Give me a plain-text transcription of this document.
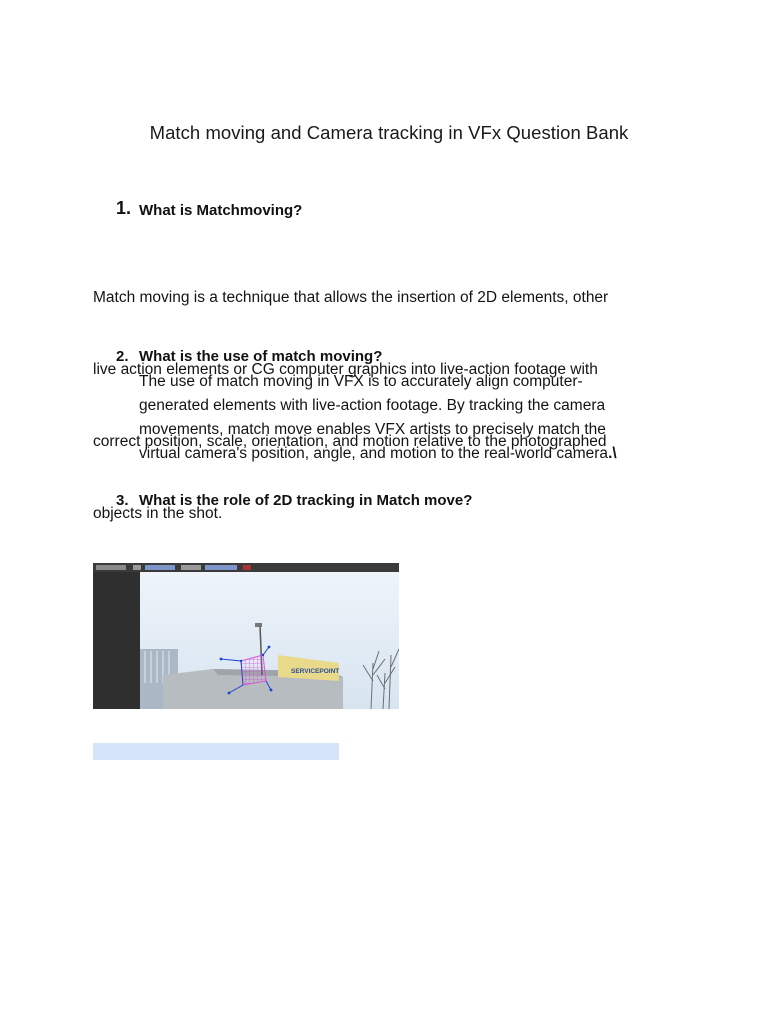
Match moving and Camera tracking in VFx Question Bank
1. What is Matchmoving?

Match moving is a technique that allows the insertion of 2D elements, other

live action elements or CG computer graphics into live-action footage with

correct position, scale, orientation, and motion relative to the photographed

objects in the shot.

2. What is the use of match moving?
The use of match moving in VFX is to accurately align computer-
generated elements with live-action footage. By tracking the camera
movements, match move enables VFX artists to precisely match the
virtual camera's position, angle, and motion to the real-world camera.\
3. What is the role of 2D tracking in Match move?
SERVICEPOINT
